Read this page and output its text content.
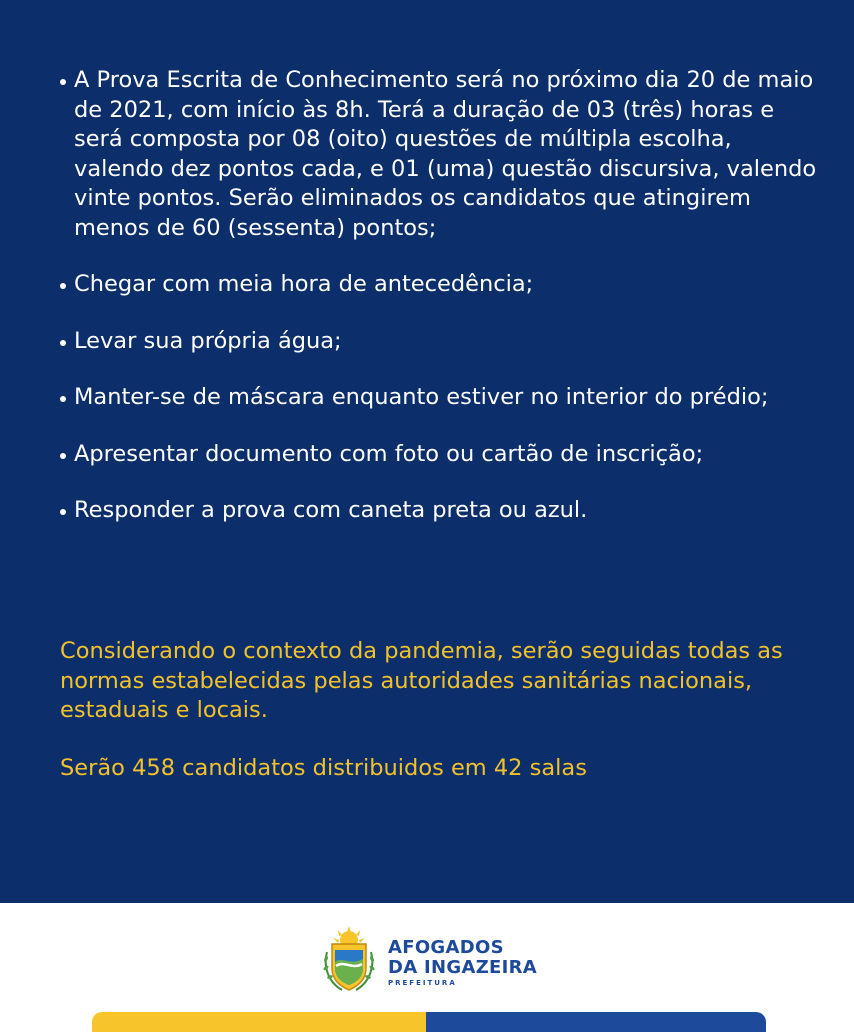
A Prova Escrita de Conhecimento será no próximo dia 20 de maio de 2021, com início às 8h. Terá a duração de 03 (três) horas e será composta por 08 (oito) questões de múltipla escolha, valendo dez pontos cada, e 01 (uma) questão discursiva, valendo vinte pontos. Serão eliminados os candidatos que atingirem menos de 60 (sessenta) pontos;

Chegar com meia hora de antecedência;

Levar sua própria água;

Manter-se de máscara enquanto estiver no interior do prédio;

Apresentar documento com foto ou cartão de inscrição;

Responder a prova com caneta preta ou azul.

Considerando o contexto da pandemia, serão seguidas todas as normas estabelecidas pelas autoridades sanitárias nacionais, estaduais e locais.

Serão 458 candidatos distribuidos em 42 salas

AFOGADOS
DA INGAZEIRA
PREFEITURA
